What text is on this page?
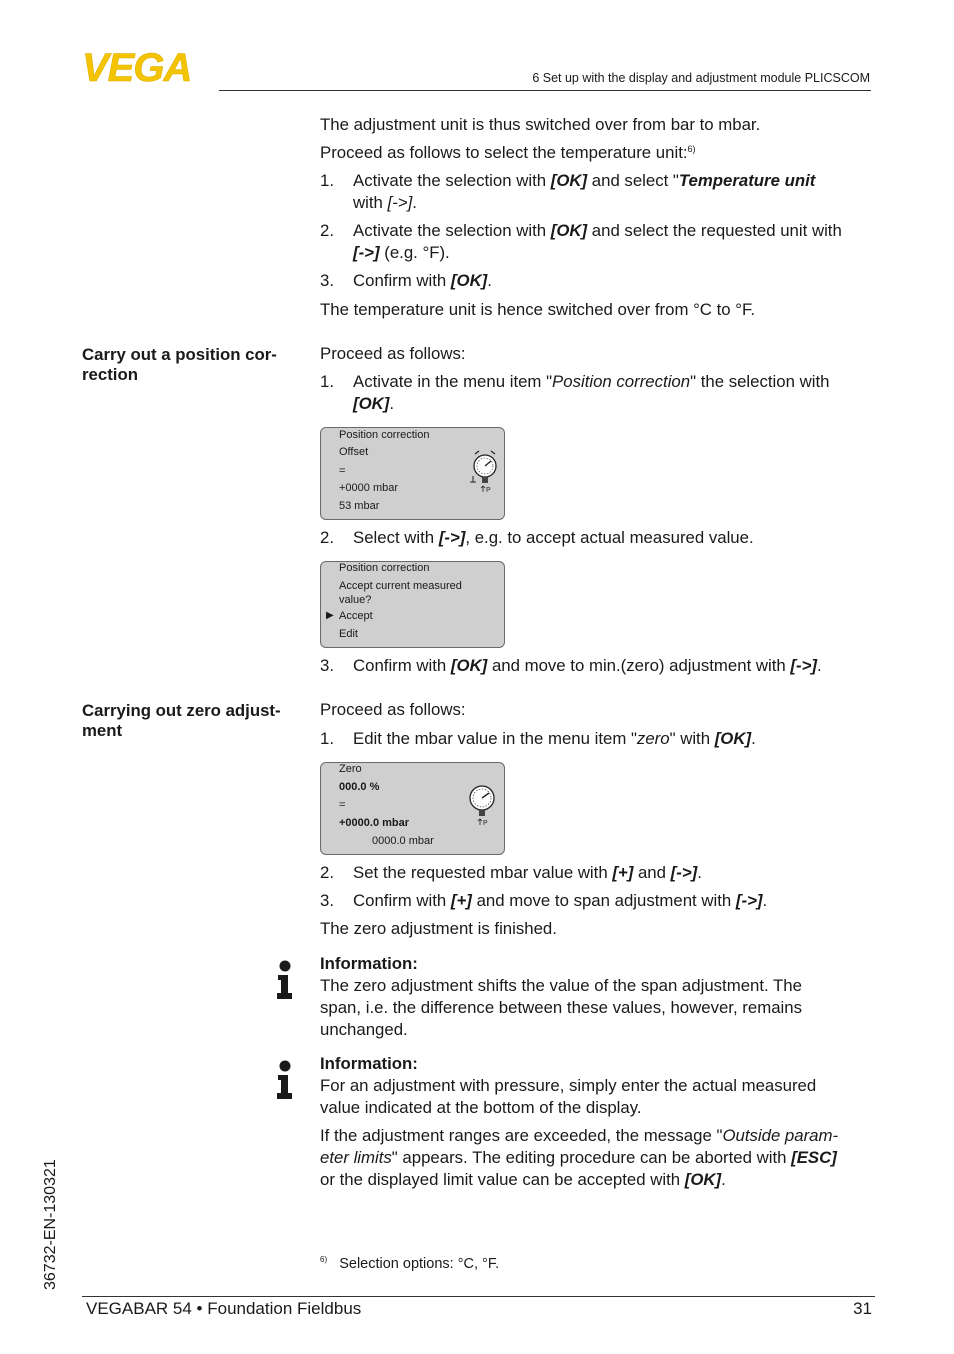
VEGA	6 Set up with the display and adjustment module PLICSCOM

The adjustment unit is thus switched over from bar to mbar.

Proceed as follows to select the temperature unit:$^{6)}$

1. Activate the selection with [OK] and select "Temperature unit
with [->].
2. Activate the selection with [OK] and select the requested unit with
[->] (e.g. °F).
3. Confirm with [OK].

The temperature unit is hence switched over from °C to °F.

Carry out a position cor-
rection

Proceed as follows:

1. Activate in the menu item "Position correction" the selection with
[OK].
Position correction
Offset
=
+0000 mbar
53 mbar
P
2. Select with [->], e.g. to accept actual measured value.
Position correction
Accept current measured
value?
▶ Accept
Edit
3. Confirm with [OK] and move to min.(zero) adjustment with [->].
Carrying out zero adjust-
ment

Proceed as follows:

1. Edit the mbar value in the menu item "zero" with [OK].
Zero
000.0 %
=
+0000.0 mbar
0000.0 mbar
P
2. Set the requested mbar value with [+] and [->].
3. Confirm with [+] and move to span adjustment with [->].

The zero adjustment is finished.

Information:
The zero adjustment shifts the value of the span adjustment. The
span, i.e. the difference between these values, however, remains
unchanged.
Information:
For an adjustment with pressure, simply enter the actual measured
value indicated at the bottom of the display.
If the adjustment ranges are exceeded, the message "Outside param-
eter limits" appears. The editing procedure can be aborted with [ESC]
or the displayed limit value can be accepted with [OK].
$^{6)}$ Selection options: °C, °F.
36732-EN-130321
VEGABAR 54 • Foundation Fieldbus	31
